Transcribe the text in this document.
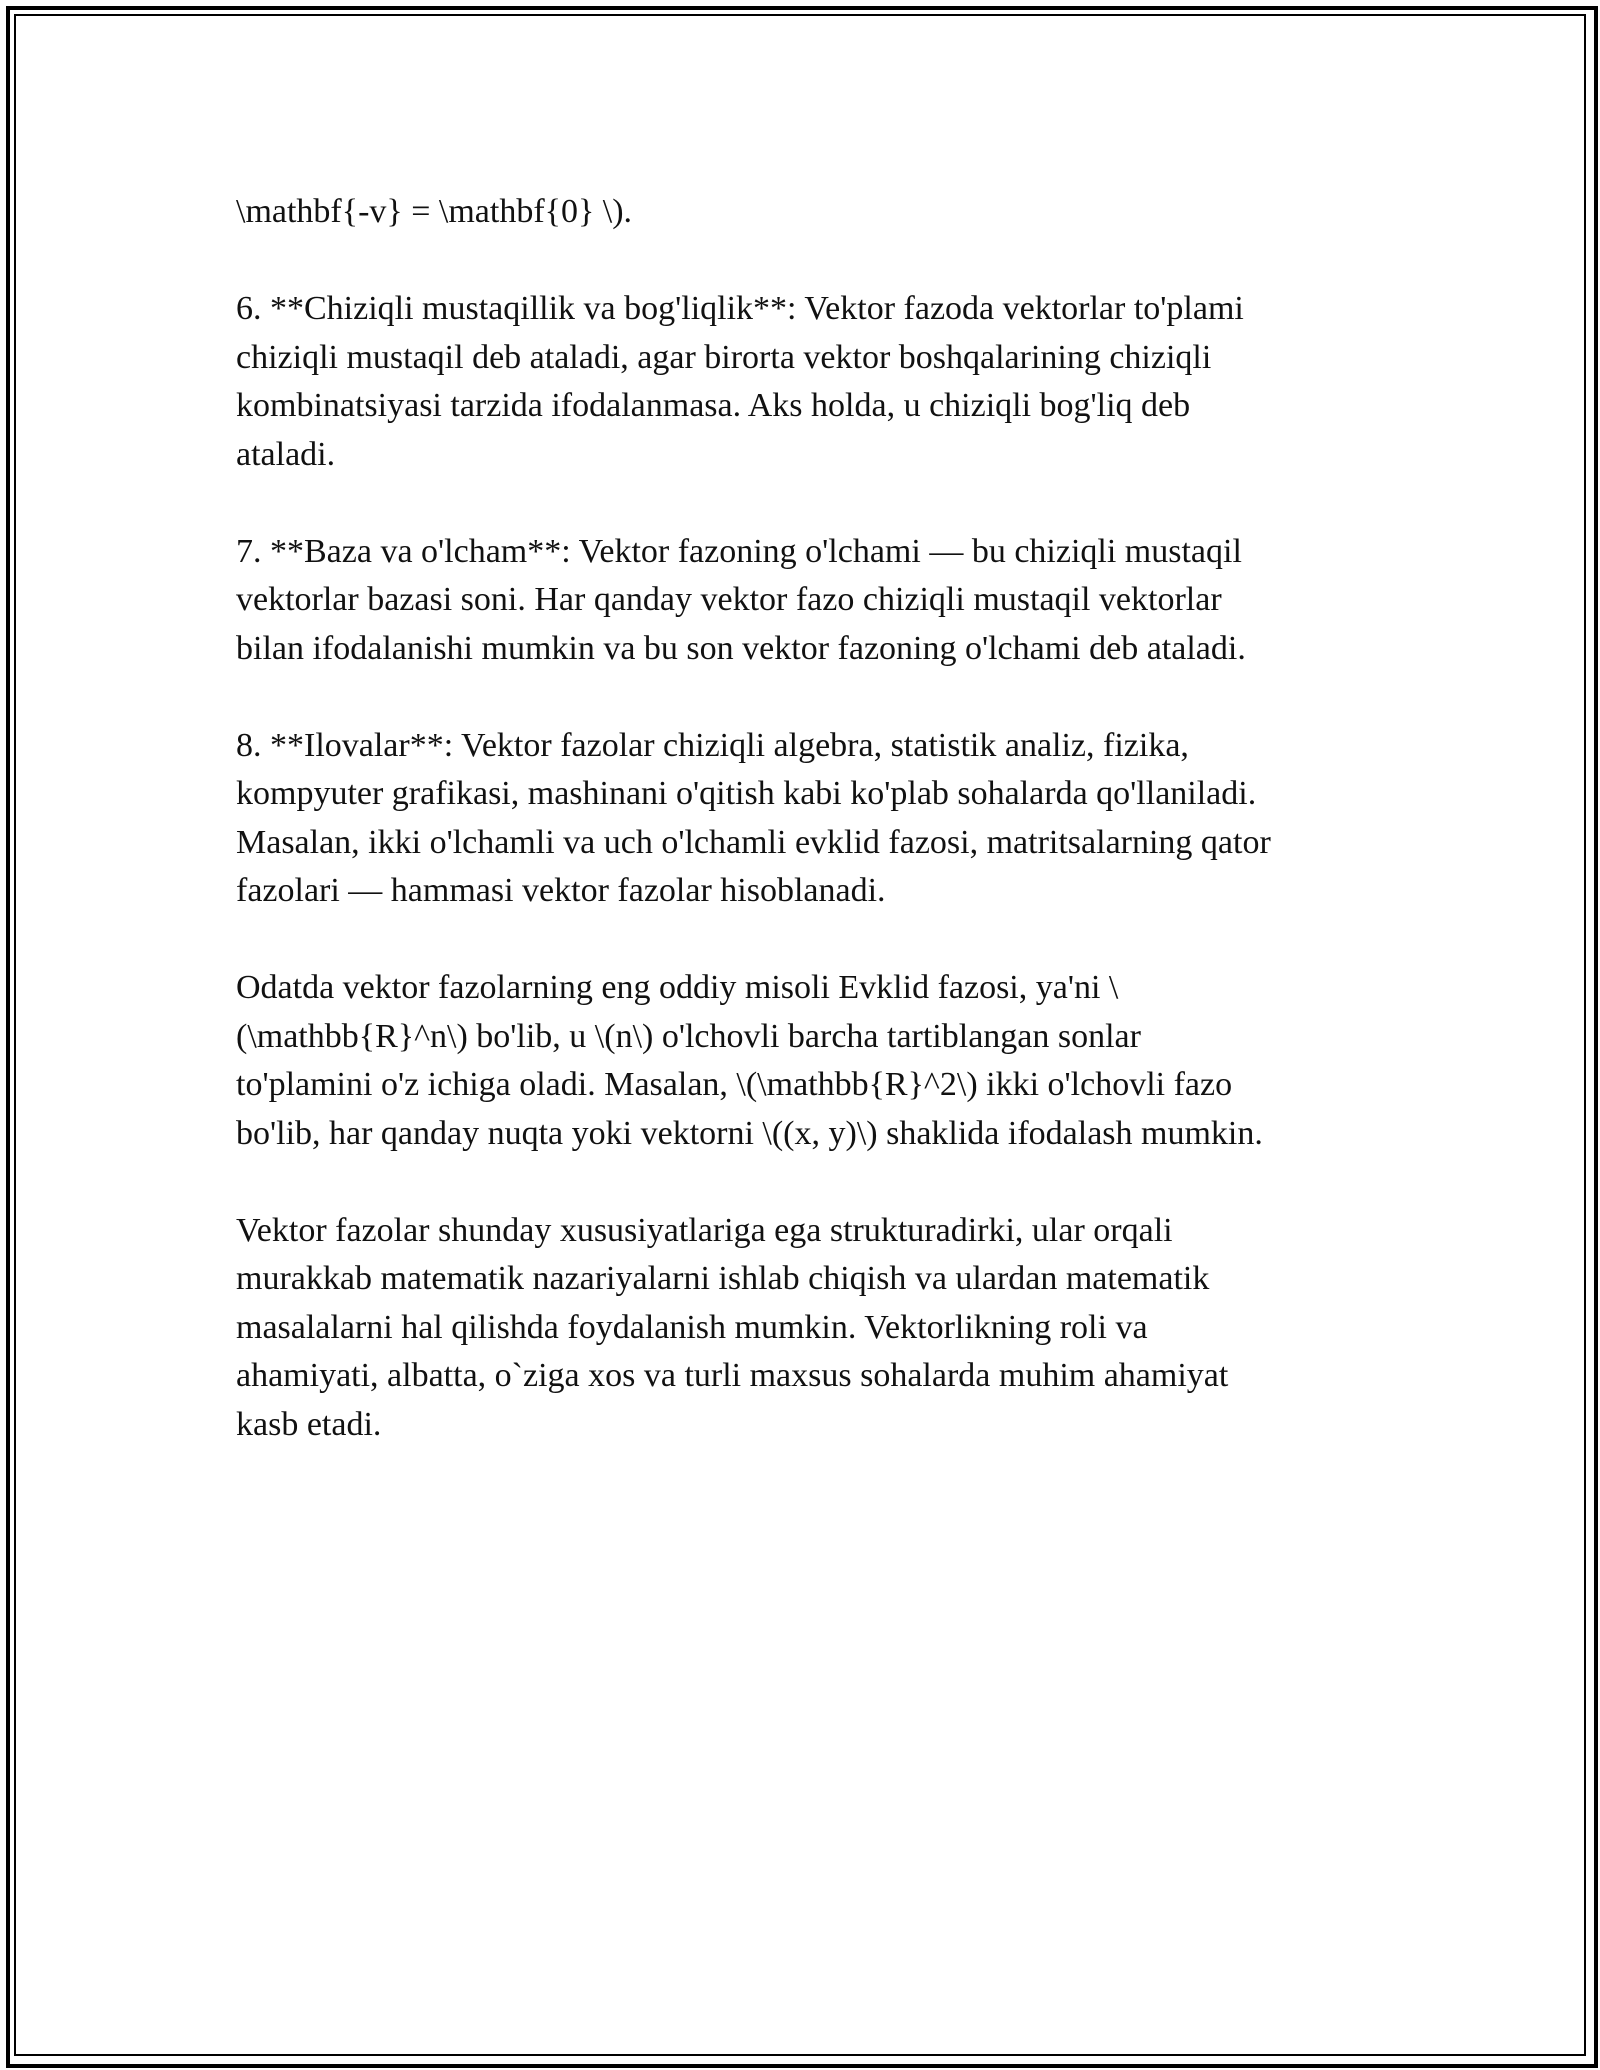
\mathbf{-v} = \mathbf{0} \).

6. **Chiziqli mustaqillik va bog'liqlik**: Vektor fazoda vektorlar to'plami
chiziqli mustaqil deb ataladi, agar birorta vektor boshqalarining chiziqli
kombinatsiyasi tarzida ifodalanmasa. Aks holda, u chiziqli bog'liq deb
ataladi.

7. **Baza va o'lcham**: Vektor fazoning o'lchami — bu chiziqli mustaqil
vektorlar bazasi soni. Har qanday vektor fazo chiziqli mustaqil vektorlar
bilan ifodalanishi mumkin va bu son vektor fazoning o'lchami deb ataladi.

8. **Ilovalar**: Vektor fazolar chiziqli algebra, statistik analiz, fizika,
kompyuter grafikasi, mashinani o'qitish kabi ko'plab sohalarda qo'llaniladi.
Masalan, ikki o'lchamli va uch o'lchamli evklid fazosi, matritsalarning qator
fazolari — hammasi vektor fazolar hisoblanadi.

Odatda vektor fazolarning eng oddiy misoli Evklid fazosi, ya'ni \
(\mathbb{R}^n\) bo'lib, u \(n\) o'lchovli barcha tartiblangan sonlar
to'plamini o'z ichiga oladi. Masalan, \(\mathbb{R}^2\) ikki o'lchovli fazo
bo'lib, har qanday nuqta yoki vektorni \((x, y)\) shaklida ifodalash mumkin.

Vektor fazolar shunday xususiyatlariga ega strukturadirki, ular orqali
murakkab matematik nazariyalarni ishlab chiqish va ulardan matematik
masalalarni hal qilishda foydalanish mumkin. Vektorlikning roli va
ahamiyati, albatta, o`ziga xos va turli maxsus sohalarda muhim ahamiyat
kasb etadi.
